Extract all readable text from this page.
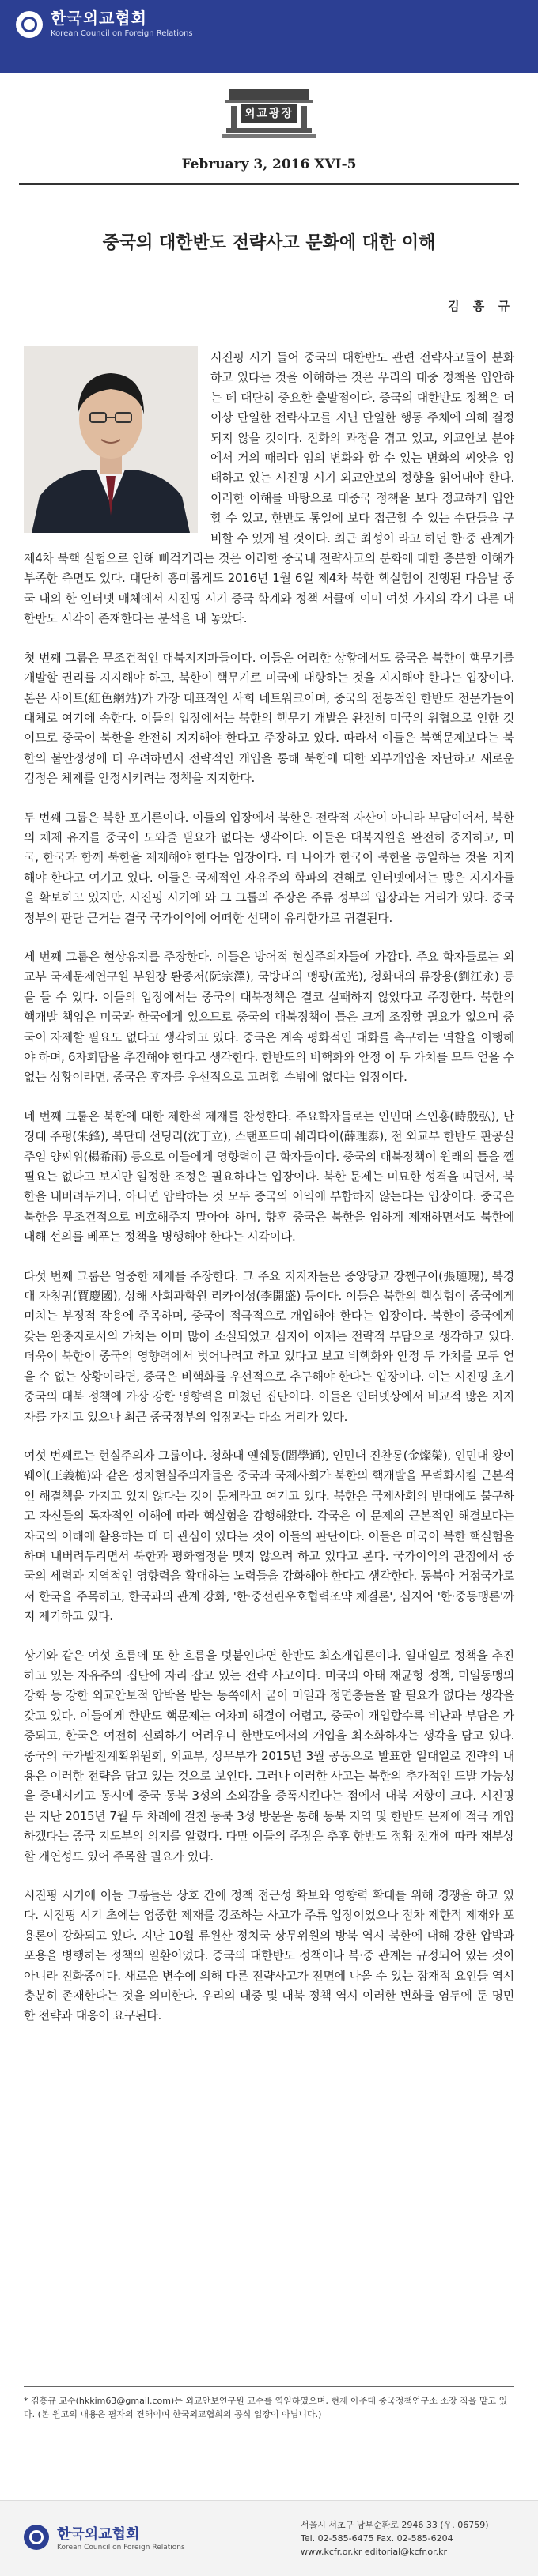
한국외교협회
Korean Council on Foreign Relations
외교광장
February 3, 2016 XVI-5
중국의 대한반도 전략사고 문화에 대한 이해
김 흥 규

시진핑 시기 들어 중국의 대한반도 관련 전략사고들이 분화하고 있다는 것을 이해하는 것은 우리의 대중 정책을 입안하는 데 대단히 중요한 출발점이다. 중국의 대한반도 정책은 더 이상 단일한 전략사고를 지닌 단일한 행동 주체에 의해 결정되지 않을 것이다. 진화의 과정을 겪고 있고, 외교안보 분야에서 거의 때려다 임의 변화와 할 수 있는 변화의 씨앗을 잉태하고 있는 시진핑 시기 외교안보의 정향을 읽어내야 한다. 이러한 이해를 바탕으로 대중국 정책을 보다 정교하게 입안할 수 있고, 한반도 통일에 보다 접근할 수 있는 수단들을 구비할 수 있게 될 것이다. 최근 최성이 라고 하던 한·중 관계가 제4차 북핵 실험으로 인해 삐걱거리는 것은 이러한 중국내 전략사고의 분화에 대한 충분한 이해가 부족한 측면도 있다. 대단히 흥미롭게도 2016년 1월 6일 제4차 북한 핵실험이 진행된 다음날 중국 내의 한 인터넷 매체에서 시진핑 시기 중국 학계와 정책 서클에 이미 여섯 가지의 각기 다른 대한반도 시각이 존재한다는 분석을 내 놓았다.

첫 번째 그룹은 무조건적인 대북지지파들이다. 이들은 어려한 상황에서도 중국은 북한이 핵무기를 개발할 권리를 지지해야 하고, 북한이 핵무기로 미국에 대항하는 것을 지지해야 한다는 입장이다. 본은 사이트(紅色網站)가 가장 대표적인 사회 네트워크이며, 중국의 전통적인 한반도 전문가들이 대체로 여기에 속한다. 이들의 입장에서는 북한의 핵무기 개발은 완전히 미국의 위협으로 인한 것이므로 중국이 북한을 완전히 지지해야 한다고 주장하고 있다. 따라서 이들은 북핵문제보다는 북한의 불안정성에 더 우려하면서 전략적인 개입을 통해 북한에 대한 외부개입을 차단하고 새로운 김정은 체제를 안정시키려는 정책을 지지한다.

두 번째 그룹은 북한 포기론이다. 이들의 입장에서 북한은 전략적 자산이 아니라 부담이어서, 북한의 체제 유지를 중국이 도와줄 필요가 없다는 생각이다. 이들은 대북지원을 완전히 중지하고, 미국, 한국과 함께 북한을 제재해야 한다는 입장이다. 더 나아가 한국이 북한을 통일하는 것을 지지해야 한다고 여기고 있다. 이들은 국제적인 자유주의 학파의 견해로 인터넷에서는 많은 지지자들을 확보하고 있지만, 시진핑 시기에 와 그 그룹의 주장은 주류 정부의 입장과는 거리가 있다. 중국정부의 판단 근거는 결국 국가이익에 어떠한 선택이 유리한가로 귀결된다.

세 번째 그룹은 현상유지를 주장한다. 이들은 방어적 현실주의자들에 가깝다. 주요 학자들로는 외교부 국제문제연구원 부원장 롼종저(阮宗澤), 국방대의 맹광(孟光), 청화대의 류장용(劉江永) 등을 들 수 있다. 이들의 입장에서는 중국의 대북정책은 결코 실패하지 않았다고 주장한다. 북한의 핵개발 책임은 미국과 한국에게 있으므로 중국의 대북정책이 틀은 크게 조정할 필요가 없으며 중국이 자제할 필요도 없다고 생각하고 있다. 중국은 계속 평화적인 대화를 촉구하는 역할을 이행해야 하며, 6자회담을 추진해야 한다고 생각한다. 한반도의 비핵화와 안정 이 두 가치를 모두 얻을 수 없는 상황이라면, 중국은 후자를 우선적으로 고려할 수밖에 없다는 입장이다.

네 번째 그룹은 북한에 대한 제한적 제재를 찬성한다. 주요학자들로는 인민대 스인홍(時殷弘), 난징대 주펑(朱鋒), 복단대 선딩리(沈丁立), 스탠포드대 쉐리타이(薛理泰), 전 외교부 한반도 판공실 주임 양씨위(楊希雨) 등으로 이들에게 영향력이 큰 학자들이다. 중국의 대북정책이 원래의 틀을 깰 필요는 없다고 보지만 일정한 조정은 필요하다는 입장이다. 북한 문제는 미묘한 성격을 띠면서, 북한을 내버려두거나, 아니면 압박하는 것 모두 중국의 이익에 부합하지 않는다는 입장이다. 중국은 북한을 무조건적으로 비호해주지 말아야 하며, 향후 중국은 북한을 엄하게 제재하면서도 북한에 대해 선의를 베푸는 정책을 병행해야 한다는 시각이다.

다섯 번째 그룹은 엄중한 제재를 주장한다. 그 주요 지지자들은 중앙당교 장쩬구이(張璉瑰), 복경대 자칭궈(賈慶國), 상해 사회과학원 리카이성(李開盛) 등이다. 이들은 북한의 핵실험이 중국에게 미치는 부정적 작용에 주목하며, 중국이 적극적으로 개입해야 한다는 입장이다. 북한이 중국에게 갖는 완충지로서의 가치는 이미 많이 소실되었고 심지어 이제는 전략적 부담으로 생각하고 있다. 더욱이 북한이 중국의 영향력에서 벗어나려고 하고 있다고 보고 비핵화와 안정 두 가치를 모두 얻을 수 없는 상황이라면, 중국은 비핵화를 우선적으로 추구해야 한다는 입장이다. 이는 시진핑 초기 중국의 대북 정책에 가장 강한 영향력을 미쳤던 집단이다. 이들은 인터넷상에서 비교적 많은 지지자를 가지고 있으나 최근 중국정부의 입장과는 다소 거리가 있다.

여섯 번째로는 현실주의자 그룹이다. 청화대 옌쉐퉁(閻學通), 인민대 진찬롱(金燦榮), 인민대 왕이웨이(王義桅)와 같은 정치현실주의자들은 중국과 국제사회가 북한의 핵개발을 무력화시킬 근본적인 해결책을 가지고 있지 않다는 것이 문제라고 여기고 있다. 북한은 국제사회의 반대에도 불구하고 자신들의 독자적인 이해에 따라 핵실험을 감행해왔다. 각국은 이 문제의 근본적인 해결보다는 자국의 이해에 활용하는 데 더 관심이 있다는 것이 이들의 판단이다. 이들은 미국이 북한 핵실험을 하며 내버려두리면서 북한과 평화협정을 맺지 않으려 하고 있다고 본다. 국가이익의 관점에서 중국의 세력과 지역적인 영향력을 확대하는 노력들을 강화해야 한다고 생각한다. 동북아 거점국가로서 한국을 주목하고, 한국과의 관계 강화, '한·중선린우호협력조약 체결론', 심지어 '한·중동맹론'까지 제기하고 있다.

상기와 같은 여섯 흐름에 또 한 흐름을 덧붙인다면 한반도 최소개입론이다. 일대일로 정책을 추진하고 있는 자유주의 집단에 자리 잡고 있는 전략 사고이다. 미국의 아태 재균형 정책, 미일동맹의 강화 등 강한 외교안보적 압박을 받는 동쪽에서 굳이 미일과 정면충돌을 할 필요가 없다는 생각을 갖고 있다. 이들에게 한반도 핵문제는 어차피 해결이 어렵고, 중국이 개입할수록 비난과 부담은 가중되고, 한국은 여전히 신뢰하기 어려우니 한반도에서의 개입을 최소화하자는 생각을 담고 있다. 중국의 국가발전계획위원회, 외교부, 상무부가 2015년 3월 공동으로 발표한 일대일로 전략의 내용은 이러한 전략을 담고 있는 것으로 보인다. 그러나 이러한 사고는 북한의 추가적인 도발 가능성을 증대시키고 동시에 중국 동북 3성의 소외감을 증폭시킨다는 점에서 대북 저항이 크다. 시진핑은 지난 2015년 7월 두 차례에 걸친 동북 3성 방문을 통해 동북 지역 및 한반도 문제에 적극 개입하겠다는 중국 지도부의 의지를 알렸다. 다만 이들의 주장은 추후 한반도 정황 전개에 따라 재부상할 개연성도 있어 주목할 필요가 있다.

시진핑 시기에 이들 그룹들은 상호 간에 정책 접근성 확보와 영향력 확대를 위해 경쟁을 하고 있다. 시진핑 시기 초에는 엄중한 제재를 강조하는 사고가 주류 입장이었으나 점차 제한적 제재와 포용론이 강화되고 있다. 지난 10월 류윈산 정치국 상무위원의 방북 역시 북한에 대해 강한 압박과 포용을 병행하는 정책의 일환이었다. 중국의 대한반도 정책이나 북·중 관계는 규정되어 있는 것이 아니라 진화중이다. 새로운 변수에 의해 다른 전략사고가 전면에 나올 수 있는 잠재적 요인들 역시 충분히 존재한다는 것을 의미한다. 우리의 대중 및 대북 정책 역시 이러한 변화를 염두에 둔 명민한 전략과 대응이 요구된다.

* 김흥규 교수(hkkim63@gmail.com)는 외교안보연구원 교수를 역임하였으며, 현재 아주대 중국정책연구소 소장 직을 맡고 있다. (본 원고의 내용은 필자의 견해이며 한국외교협회의 공식 입장이 아닙니다.)
한국외교협회
Korean Council on Foreign Relations
서울시 서초구 남부순환로 2946 33 (우. 06759)
Tel. 02-585-6475 Fax. 02-585-6204
www.kcfr.or.kr editorial@kcfr.or.kr
